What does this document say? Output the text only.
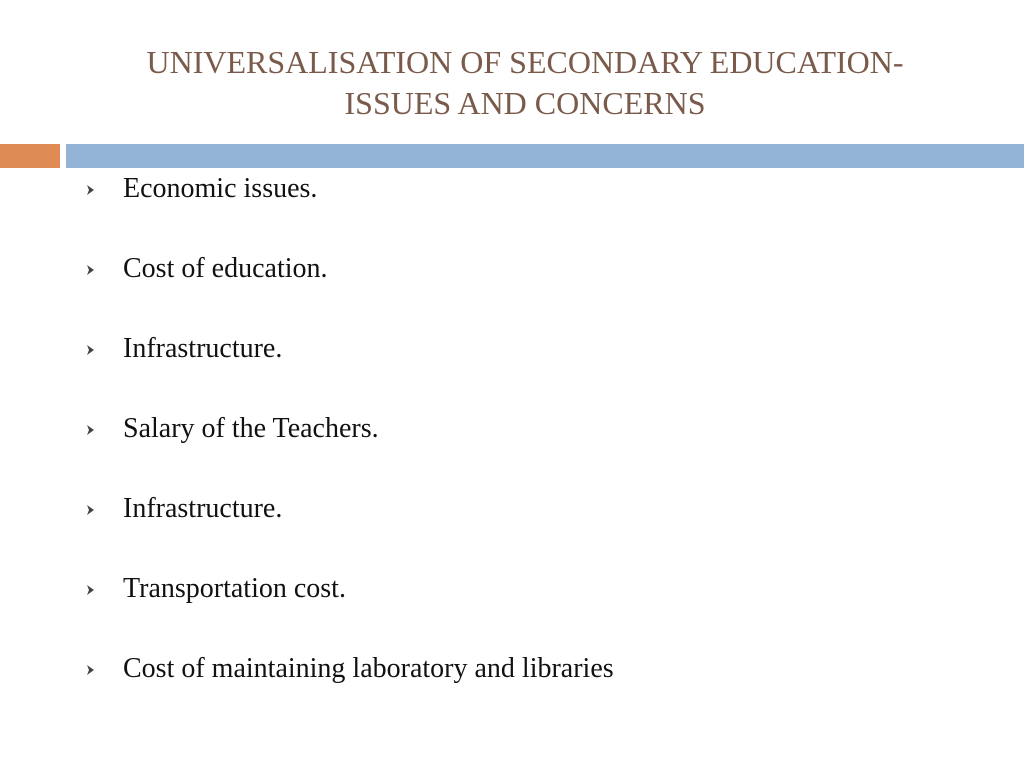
UNIVERSALISATION OF SECONDARY EDUCATION-
ISSUES AND CONCERNS
Economic issues.
Cost of education.
Infrastructure.
Salary of the Teachers.
Infrastructure.
Transportation cost.
Cost of maintaining laboratory and libraries
